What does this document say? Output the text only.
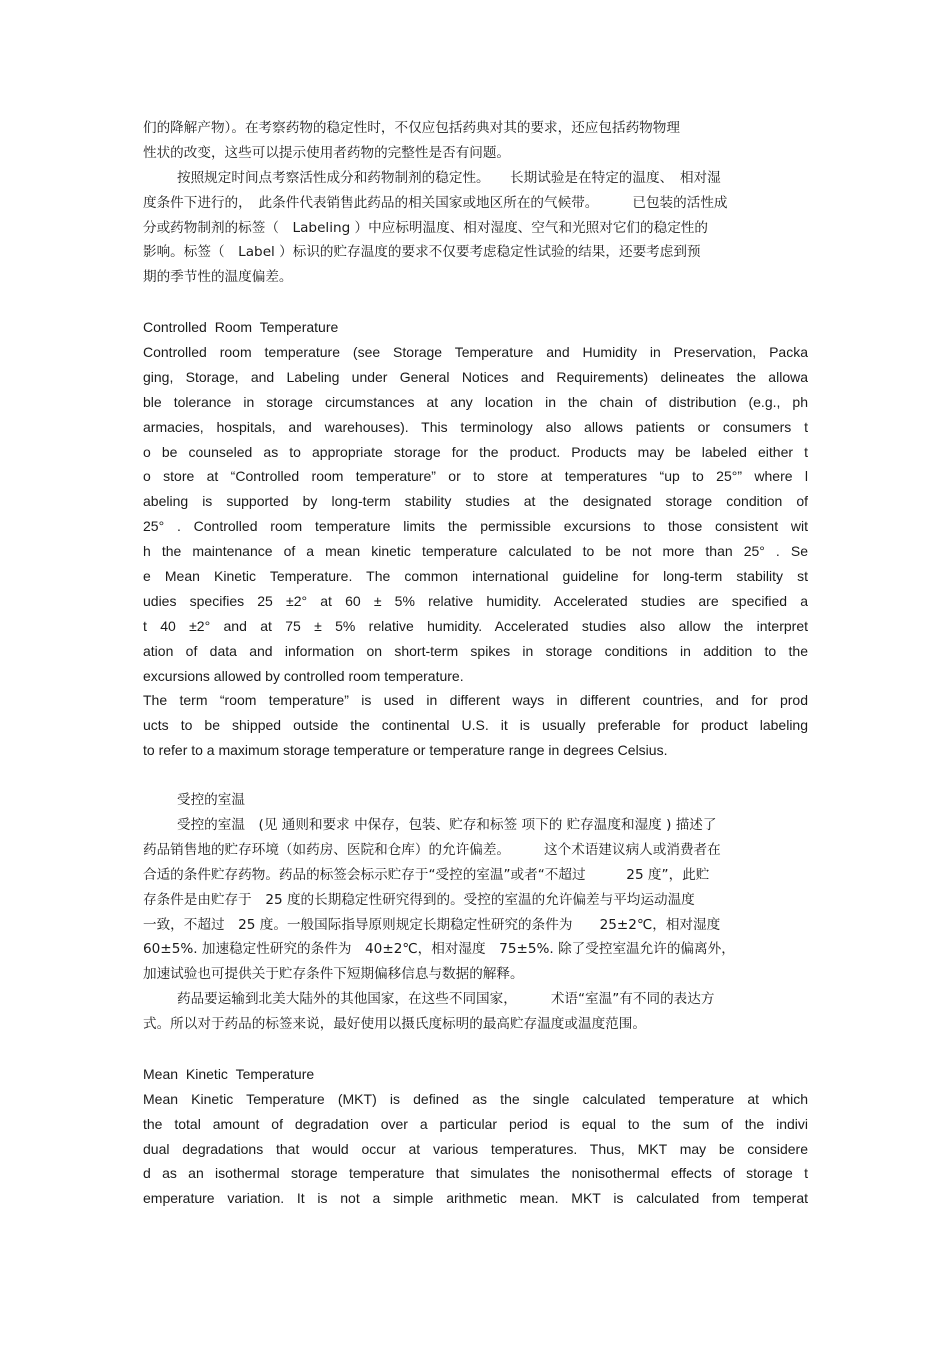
们的降解产物）。在考察药物的稳定性时，不仅应包括药典对其的要求，还应包括药物物理
性状的改变，这些可以提示使用者药物的完整性是否有问题。
按照规定时间点考察活性成分和药物制剂的稳定性。　　长期试验是在特定的温度、　相对湿
度条件下进行的，　此条件代表销售此药品的相关国家或地区所在的气候带。　　　已包装的活性成
分或药物制剂的标签（　Labeling ）中应标明温度、相对湿度、空气和光照对它们的稳定性的
影响。标签（　Label ）标识的贮存温度的要求不仅要考虑稳定性试验的结果，还要考虑到预
期的季节性的温度偏差。
Controlled Room Temperature
Controlled room temperature (see Storage Temperature and Humidity in Preservation, Packa
ging, Storage, and Labeling under General Notices and Requirements) delineates the allowa
ble tolerance in storage circumstances at any location in the chain of distribution (e.g., ph
armacies, hospitals, and warehouses). This terminology also allows patients or consumers t
o be counseled as to appropriate storage for the product. Products may be labeled either t
o store at “Controlled room temperature” or to store at temperatures “up to 25°” where l
abeling is supported by long-term stability studies at the designated storage condition of
25° . Controlled room temperature limits the permissible excursions to those consistent wit
h the maintenance of a mean kinetic temperature calculated to be not more than 25° . Se
e Mean Kinetic Temperature. The common international guideline for long-term stability st
udies specifies 25 ±2° at 60 ± 5% relative humidity. Accelerated studies are specified a
t 40 ±2° and at 75 ± 5% relative humidity. Accelerated studies also allow the interpret
ation of data and information on short-term spikes in storage conditions in addition to the
excursions allowed by controlled room temperature.
The term “room temperature” is used in different ways in different countries, and for prod
ucts to be shipped outside the continental U.S. it is usually preferable for product labeling
to refer to a maximum storage temperature or temperature range in degrees Celsius.
受控的室温
受控的室温　(见 通则和要求 中保存，包装、贮存和标签 项下的 贮存温度和湿度 ) 描述了
药品销售地的贮存环境（如药房、医院和仓库）的允许偏差。　　　这个术语建议病人或消费者在
合适的条件贮存药物。药品的标签会标示贮存于“受控的室温”或者“不超过　　　25 度”，此贮
存条件是由贮存于　25 度的长期稳定性研究得到的。受控的室温的允许偏差与平均运动温度
一致，不超过　25 度。一般国际指导原则规定长期稳定性研究的条件为　　25±2℃，相对湿度
60±5%. 加速稳定性研究的条件为　40±2℃，相对湿度　75±5%. 除了受控室温允许的偏离外，
加速试验也可提供关于贮存条件下短期偏移信息与数据的解释。
药品要运输到北美大陆外的其他国家，在这些不同国家，　　　术语“室温”有不同的表达方
式。所以对于药品的标签来说，最好使用以摄氏度标明的最高贮存温度或温度范围。
Mean Kinetic Temperature
Mean Kinetic Temperature (MKT) is defined as the single calculated temperature at which
the total amount of degradation over a particular period is equal to the sum of the indivi
dual degradations that would occur at various temperatures. Thus, MKT may be considere
d as an isothermal storage temperature that simulates the nonisothermal effects of storage t
emperature variation. It is not a simple arithmetic mean. MKT is calculated from temperat
